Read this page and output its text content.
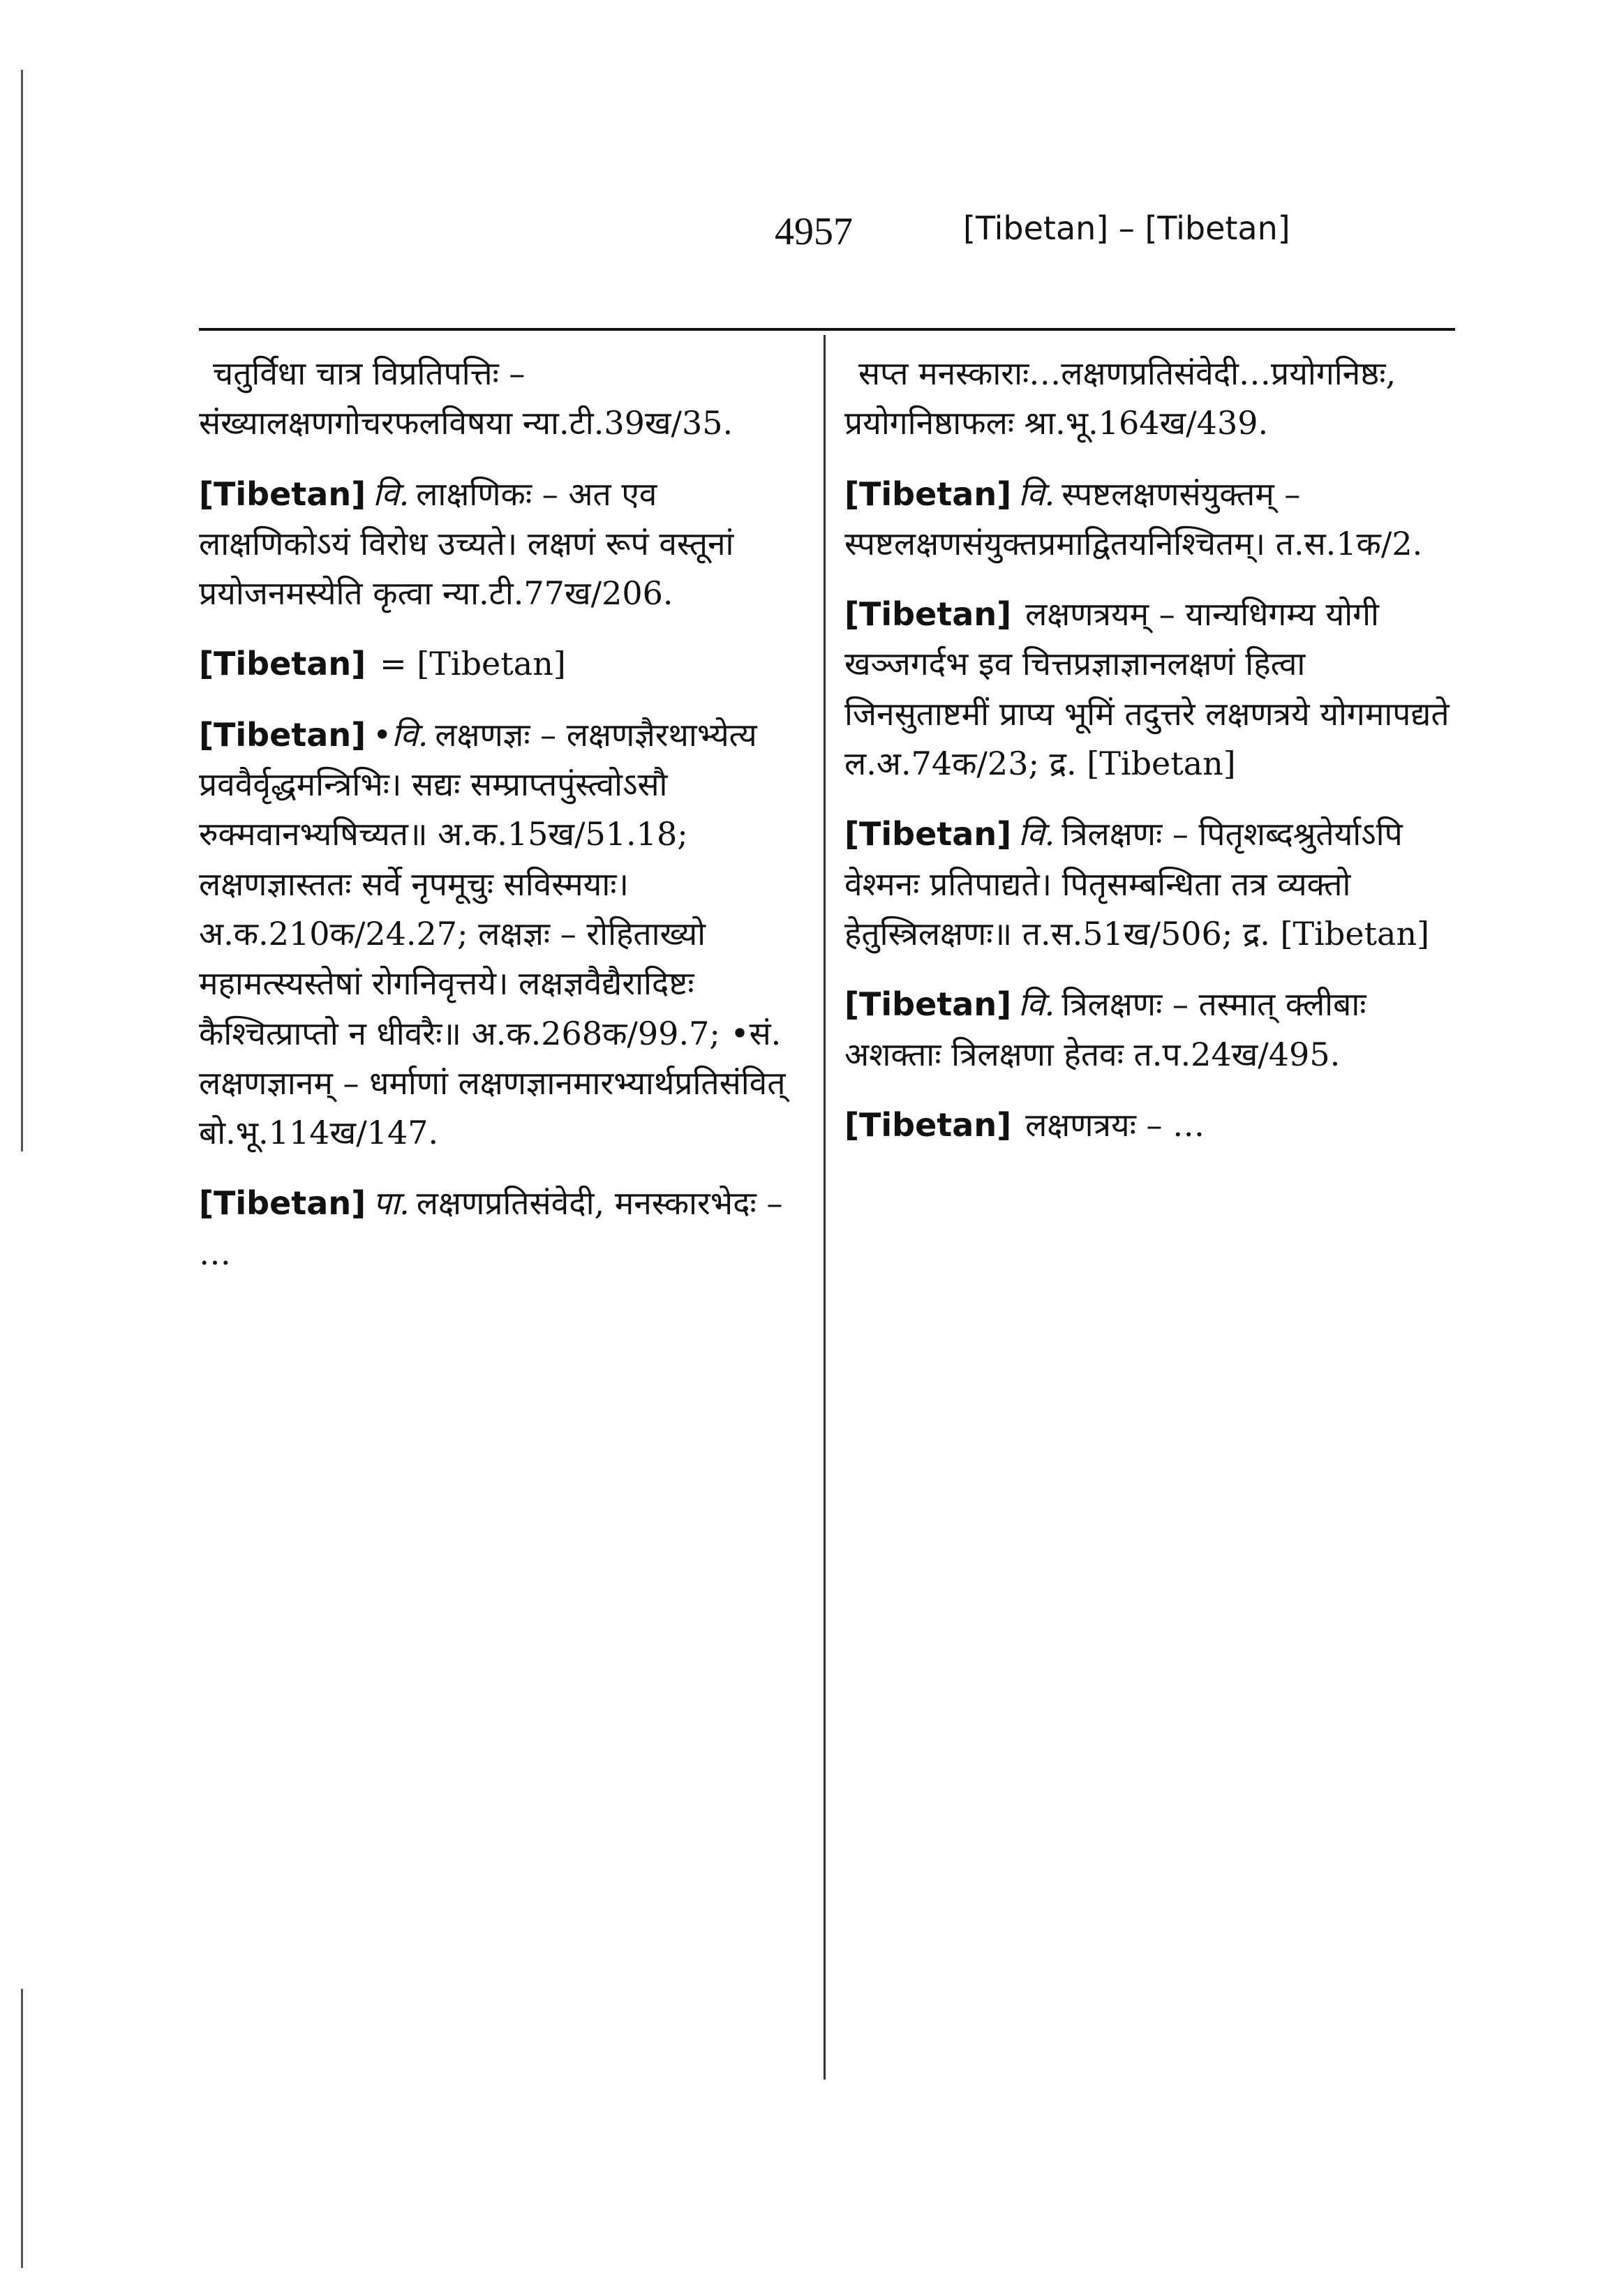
4957	[Tibetan] – [Tibetan]
चतुर्विधा चात्र विप्रतिपत्तिः – संख्यालक्षणगोचरफलविषया न्या.टी.39ख/35.
[Tibetan] वि. लाक्षणिकः – अत एव लाक्षणिकोऽयं विरोध उच्यते। लक्षणं रूपं वस्तूनां प्रयोजनमस्येति कृत्वा न्या.टी.77ख/206.
[Tibetan] = [Tibetan]
[Tibetan] •वि. लक्षणज्ञः – लक्षणज्ञैरथाभ्येत्य प्रववैर्वृद्धमन्त्रिभिः। सद्यः सम्प्राप्तपुंस्त्वोऽसौ रुक्मवानभ्यषिच्यत॥ अ.क.15ख/51.18; लक्षणज्ञास्ततः सर्वे नृपमूचुः सविस्मयाः। अ.क.210क/24.27; लक्षज्ञः – रोहिताख्यो महामत्स्यस्तेषां रोगनिवृत्तये। लक्षज्ञवैद्यैरादिष्टः कैश्चित्प्राप्तो न धीवरैः॥ अ.क.268क/99.7; •सं. लक्षणज्ञानम् – धर्माणां लक्षणज्ञानमारभ्यार्थप्रतिसंवित् बो.भू.114ख/147.
[Tibetan] पा. लक्षणप्रतिसंवेदी, मनस्कारभेदः – …
सप्त मनस्काराः…लक्षणप्रतिसंवेदी…प्रयोगनिष्ठः, प्रयोगनिष्ठाफलः श्रा.भू.164ख/439.
[Tibetan] वि. स्पष्टलक्षणसंयुक्तम् – स्पष्टलक्षणसंयुक्तप्रमाद्वितयनिश्चितम्। त.स.1क/2.
[Tibetan] लक्षणत्रयम् – यान्यधिगम्य योगी खञ्जगर्दभ इव चित्तप्रज्ञाज्ञानलक्षणं हित्वा जिनसुताष्टमीं प्राप्य भूमिं तदुत्तरे लक्षणत्रये योगमापद्यते ल.अ.74क/23; द्र. [Tibetan]
[Tibetan] वि. त्रिलक्षणः – पितृशब्दश्रुतेर्याऽपि वेश्मनः प्रतिपाद्यते। पितृसम्बन्धिता तत्र व्यक्तो हेतुस्त्रिलक्षणः॥ त.स.51ख/506; द्र. [Tibetan]
[Tibetan] वि. त्रिलक्षणः – तस्मात् क्लीबाः अशक्ताः त्रिलक्षणा हेतवः त.प.24ख/495.
[Tibetan] लक्षणत्रयः – …
